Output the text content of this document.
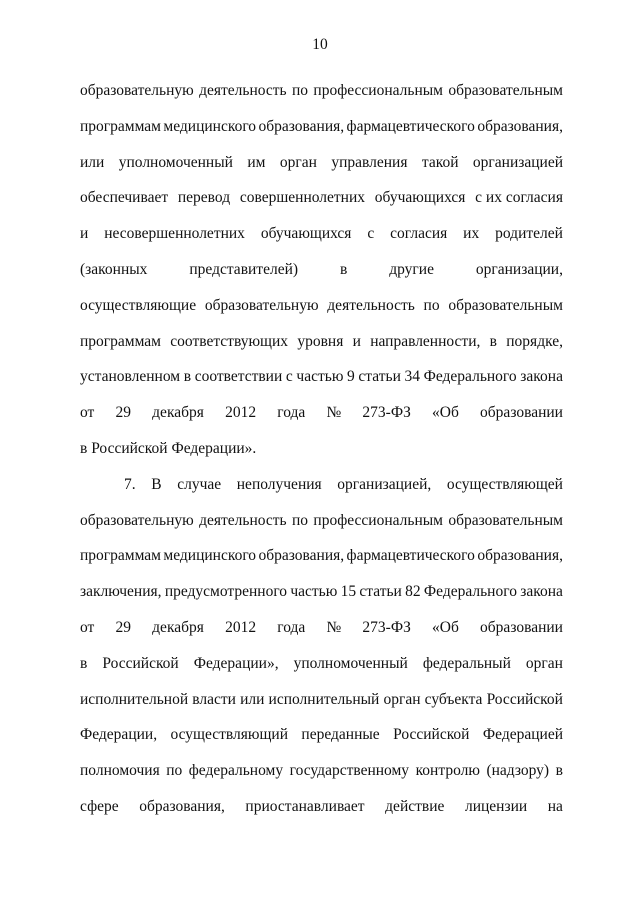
10
образовательную деятельность по профессиональным образовательным
программам медицинского образования, фармацевтического образования,
или уполномоченный им орган управления такой организацией
обеспечивает перевод совершеннолетних обучающихся с их согласия
и несовершеннолетних обучающихся с согласия их родителей
(законных	представителей)	в	другие	организации,
осуществляющие образовательную деятельность по образовательным
программам соответствующих уровня и направленности, в порядке,
установленном в соответствии с частью 9 статьи 34 Федерального закона
от 29 декабря 2012 года № 273-ФЗ «Об образовании
в Российской Федерации».
7. В случае неполучения организацией, осуществляющей
образовательную деятельность по профессиональным образовательным
программам медицинского образования, фармацевтического образования,
заключения, предусмотренного частью 15 статьи 82 Федерального закона
от 29 декабря 2012 года № 273-ФЗ «Об образовании
в Российской Федерации», уполномоченный федеральный орган
исполнительной власти или исполнительный орган субъекта Российской
Федерации, осуществляющий переданные Российской Федерацией
полномочия по федеральному государственному контролю (надзору) в
сфере образования, приостанавливает действие лицензии на
